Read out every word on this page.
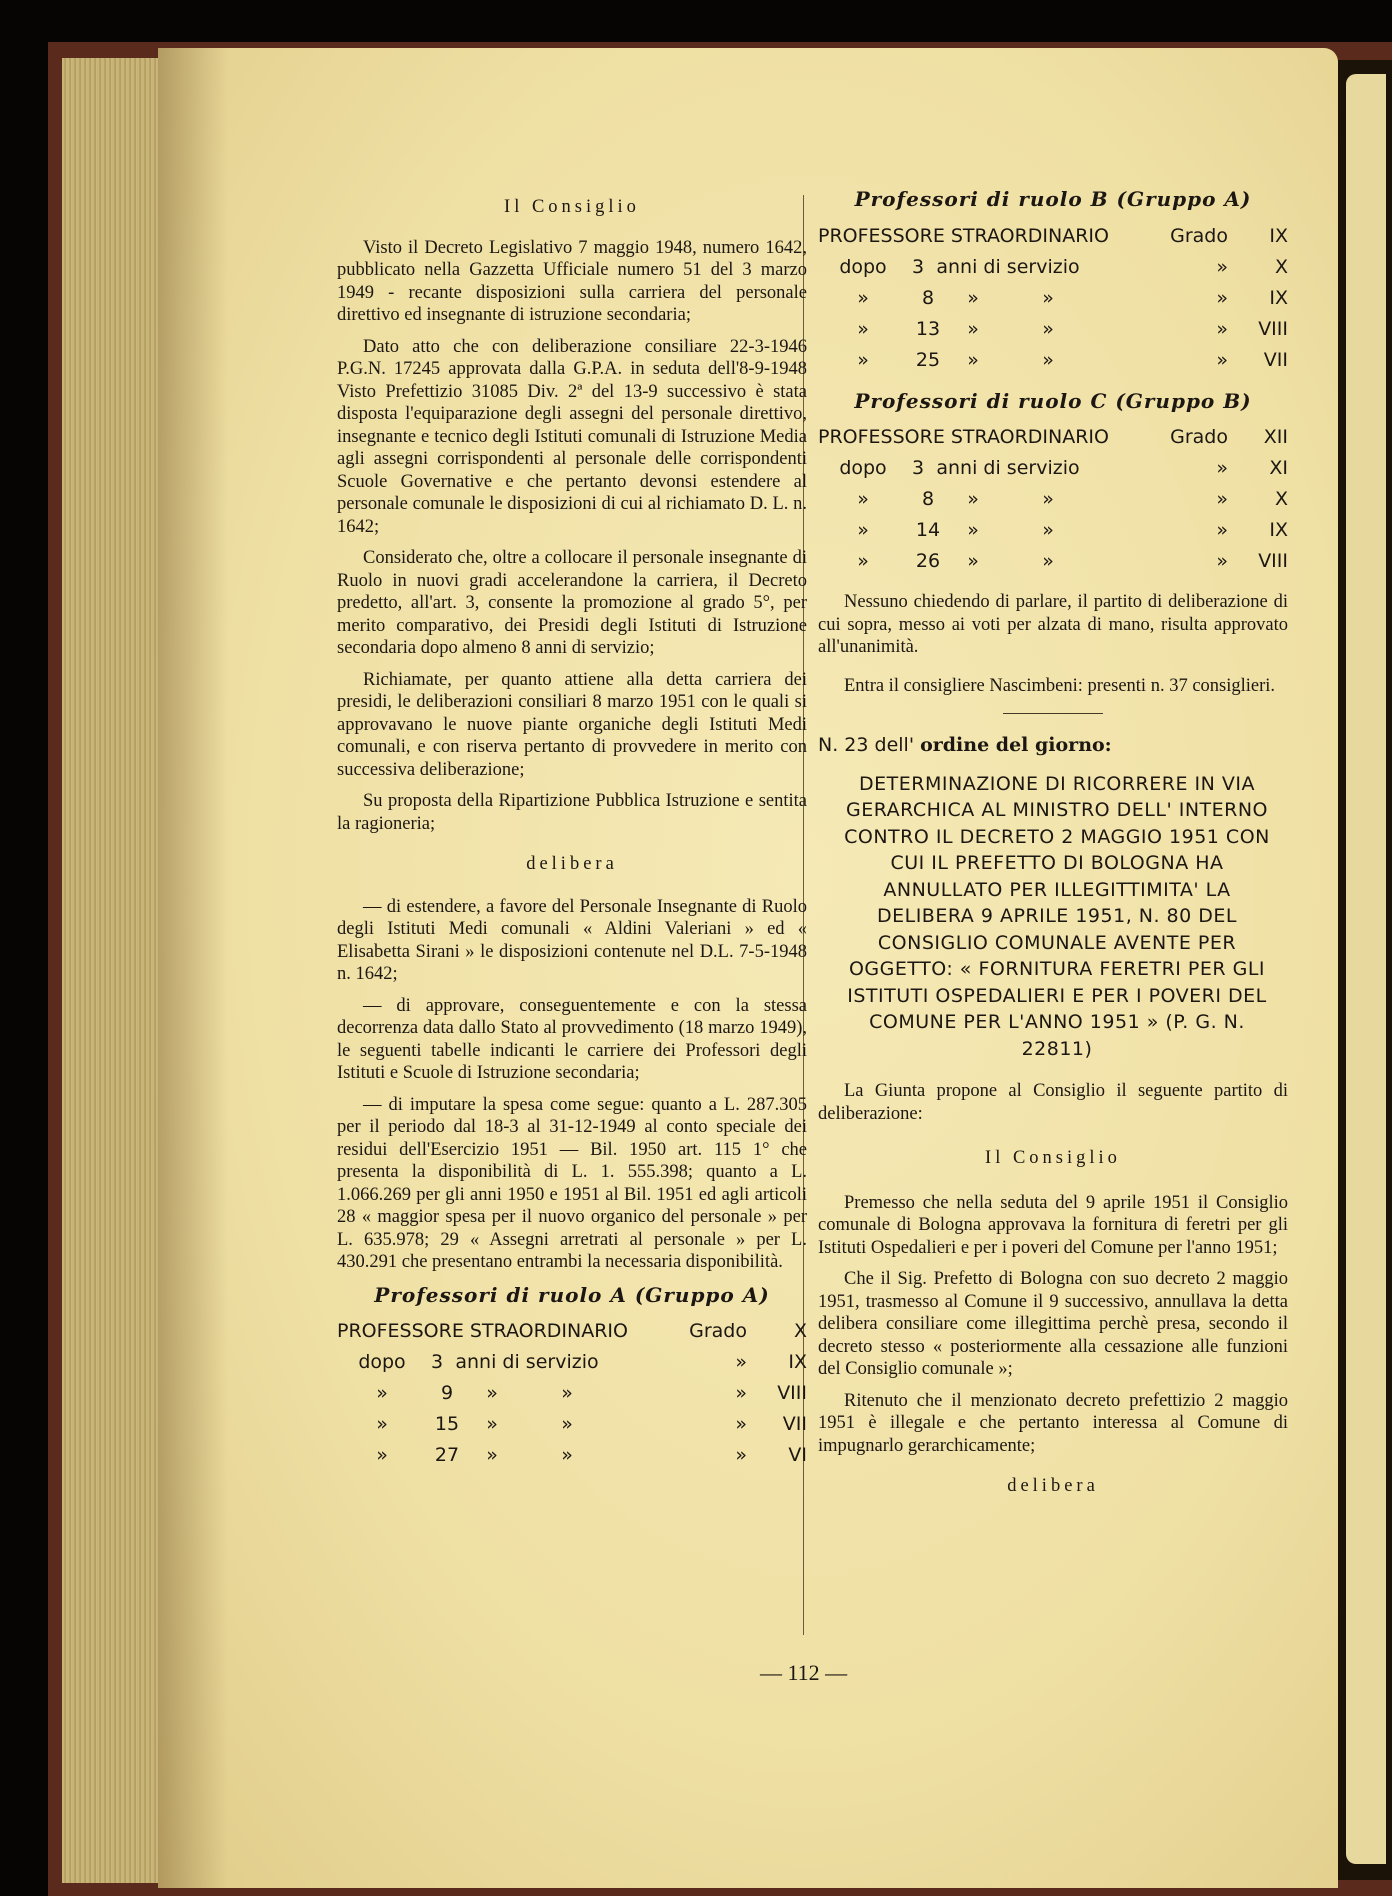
Il Consiglio

Visto il Decreto Legislativo 7 maggio 1948, numero 1642, pubblicato nella Gazzetta Ufficiale numero 51 del 3 marzo 1949 - recante disposizioni sulla carriera del personale direttivo ed insegnante di istruzione secondaria;

Dato atto che con deliberazione consiliare 22-3-1946 P.G.N. 17245 approvata dalla G.P.A. in seduta dell'8-9-1948 Visto Prefettizio 31085 Div. 2ª del 13-9 successivo è stata disposta l'equiparazione degli assegni del personale direttivo, insegnante e tecnico degli Istituti comunali di Istruzione Media agli assegni corrispondenti al personale delle corrispondenti Scuole Governative e che pertanto devonsi estendere al personale comunale le disposizioni di cui al richiamato D. L. n. 1642;

Considerato che, oltre a collocare il personale insegnante di Ruolo in nuovi gradi accelerandone la carriera, il Decreto predetto, all'art. 3, consente la promozione al grado 5°, per merito comparativo, dei Presidi degli Istituti di Istruzione secondaria dopo almeno 8 anni di servizio;

Richiamate, per quanto attiene alla detta carriera dei presidi, le deliberazioni consiliari 8 marzo 1951 con le quali si approvavano le nuove piante organiche degli Istituti Medi comunali, e con riserva pertanto di provvedere in merito con successiva deliberazione;

Su proposta della Ripartizione Pubblica Istruzione e sentita la ragioneria;

delibera

— di estendere, a favore del Personale Insegnante di Ruolo degli Istituti Medi comunali « Aldini Valeriani » ed « Elisabetta Sirani » le disposizioni contenute nel D.L. 7-5-1948 n. 1642;

— di approvare, conseguentemente e con la stessa decorrenza data dallo Stato al provvedimento (18 marzo 1949), le seguenti tabelle indicanti le carriere dei Professori degli Istituti e Scuole di Istruzione secondaria;

— di imputare la spesa come segue: quanto a L. 287.305 per il periodo dal 18-3 al 31-12-1949 al conto speciale dei residui dell'Esercizio 1951 — Bil. 1950 art. 115 1° che presenta la disponibilità di L. 1. 555.398; quanto a L. 1.066.269 per gli anni 1950 e 1951 al Bil. 1951 ed agli articoli 28 « maggior spesa per il nuovo organico del personale » per L. 635.978; 29 « Assegni arretrati al personale » per L. 430.291 che presentano entrambi la necessaria disponibilità.

Professori di ruolo A (Gruppo A)
PROFESSORE STRAORDINARIO	Grado	X
dopo	3 anni di servizio	»	IX
»	9	»	»	»	VIII
»	15	»	»	»	VII
»	27	»	»	»	VI
Professori di ruolo B (Gruppo A)
PROFESSORE STRAORDINARIO	Grado	IX
dopo	3 anni di servizio	»	X
»	8	»	»	»	IX
»	13	»	»	»	VIII
»	25	»	»	»	VII
Professori di ruolo C (Gruppo B)
PROFESSORE STRAORDINARIO	Grado	XII
dopo	3 anni di servizio	»	XI
»	8	»	»	»	X
»	14	»	»	»	IX
»	26	»	»	»	VIII

Nessuno chiedendo di parlare, il partito di deliberazione di cui sopra, messo ai voti per alzata di mano, risulta approvato all'unanimità.

Entra il consigliere Nascimbeni: presenti n. 37 consiglieri.

N. 23 dell' ordine del giorno:
DETERMINAZIONE DI RICORRERE IN VIA GERARCHICA AL MINISTRO DELL' INTERNO CONTRO IL DECRETO 2 MAGGIO 1951 CON CUI IL PREFETTO DI BOLOGNA HA ANNULLATO PER ILLEGITTIMITA' LA DELIBERA 9 APRILE 1951, N. 80 DEL CONSIGLIO COMUNALE AVENTE PER OGGETTO: « FORNITURA FERETRI PER GLI ISTITUTI OSPEDALIERI E PER I POVERI DEL COMUNE PER L'ANNO 1951 » (P. G. N. 22811)

La Giunta propone al Consiglio il seguente partito di deliberazione:

Il Consiglio

Premesso che nella seduta del 9 aprile 1951 il Consiglio comunale di Bologna approvava la fornitura di feretri per gli Istituti Ospedalieri e per i poveri del Comune per l'anno 1951;

Che il Sig. Prefetto di Bologna con suo decreto 2 maggio 1951, trasmesso al Comune il 9 successivo, annullava la detta delibera consiliare come illegittima perchè presa, secondo il decreto stesso « posteriormente alla cessazione alle funzioni del Consiglio comunale »;

Ritenuto che il menzionato decreto prefettizio 2 maggio 1951 è illegale e che pertanto interessa al Comune di impugnarlo gerarchicamente;

delibera

— 112 —
